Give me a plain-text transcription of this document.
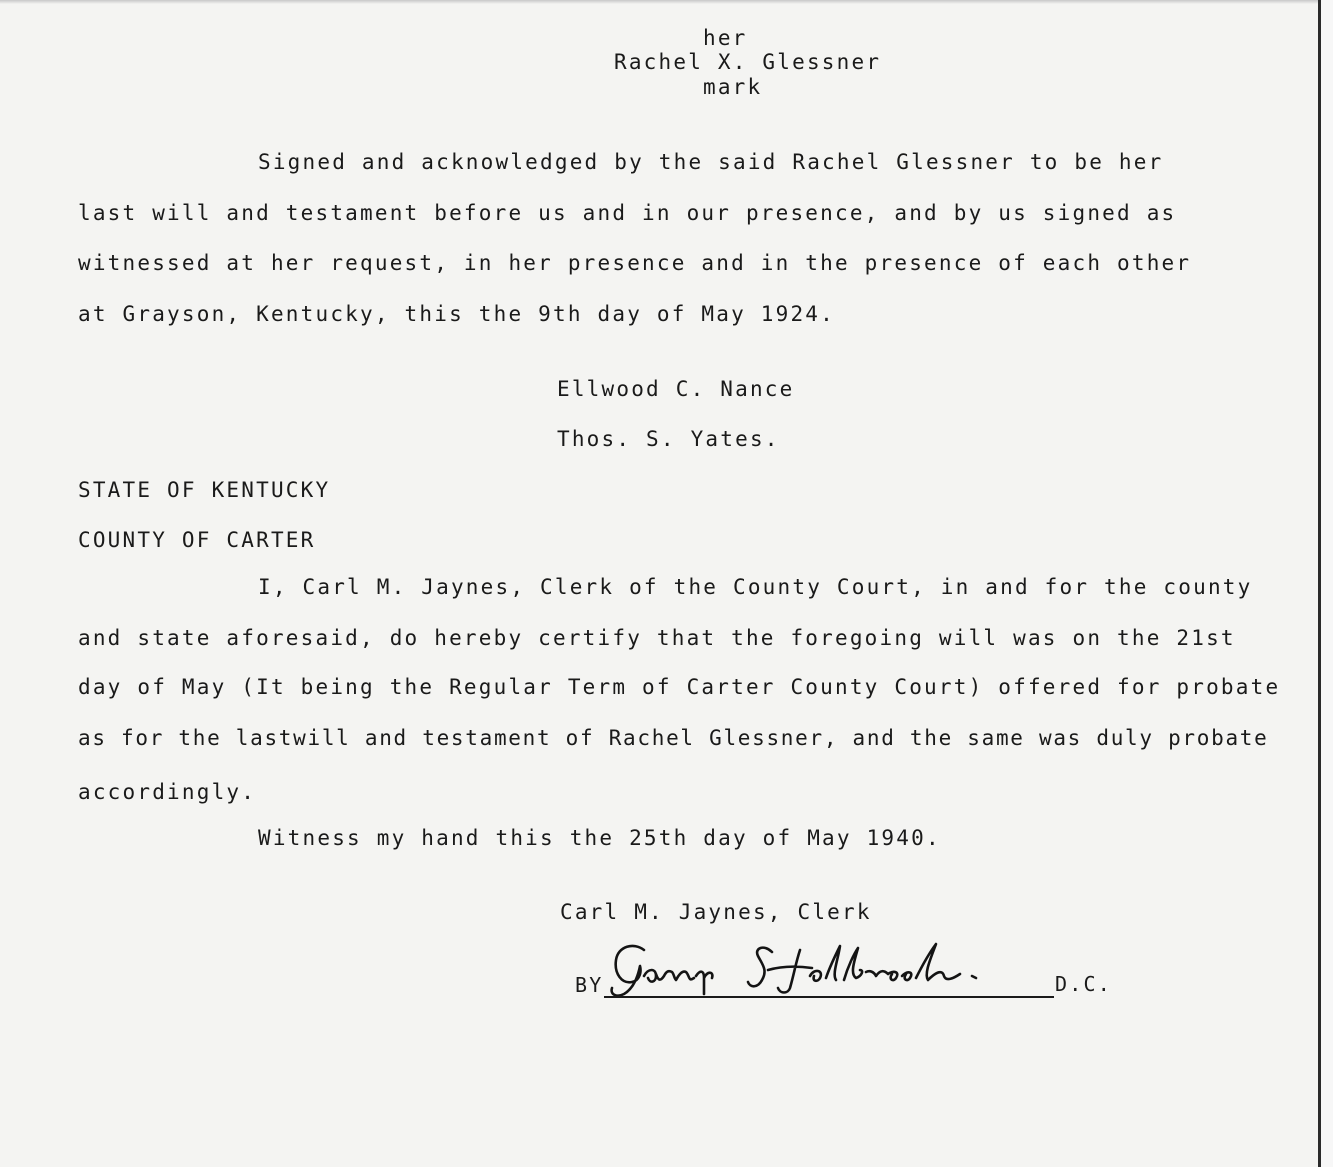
her

Rachel X. Glessner

mark

Signed and acknowledged by the said Rachel Glessner to be her

last will and testament before us and in our presence, and by us signed as

witnessed at her request, in her presence and in the presence of each other

at Grayson, Kentucky, this the 9th day of May 1924.

Ellwood C. Nance

Thos. S. Yates.

STATE OF KENTUCKY

COUNTY OF CARTER

I, Carl M. Jaynes, Clerk of the County Court, in and for the county

and state aforesaid, do hereby certify that the foregoing will was on the 21st

day of May (It being the Regular Term of Carter County Court) offered for probate

as for the lastwill and testament of Rachel Glessner, and the same was duly probate

accordingly.

Witness my hand this the 25th day of May 1940.

Carl M. Jaynes, Clerk

BY	D.C.
